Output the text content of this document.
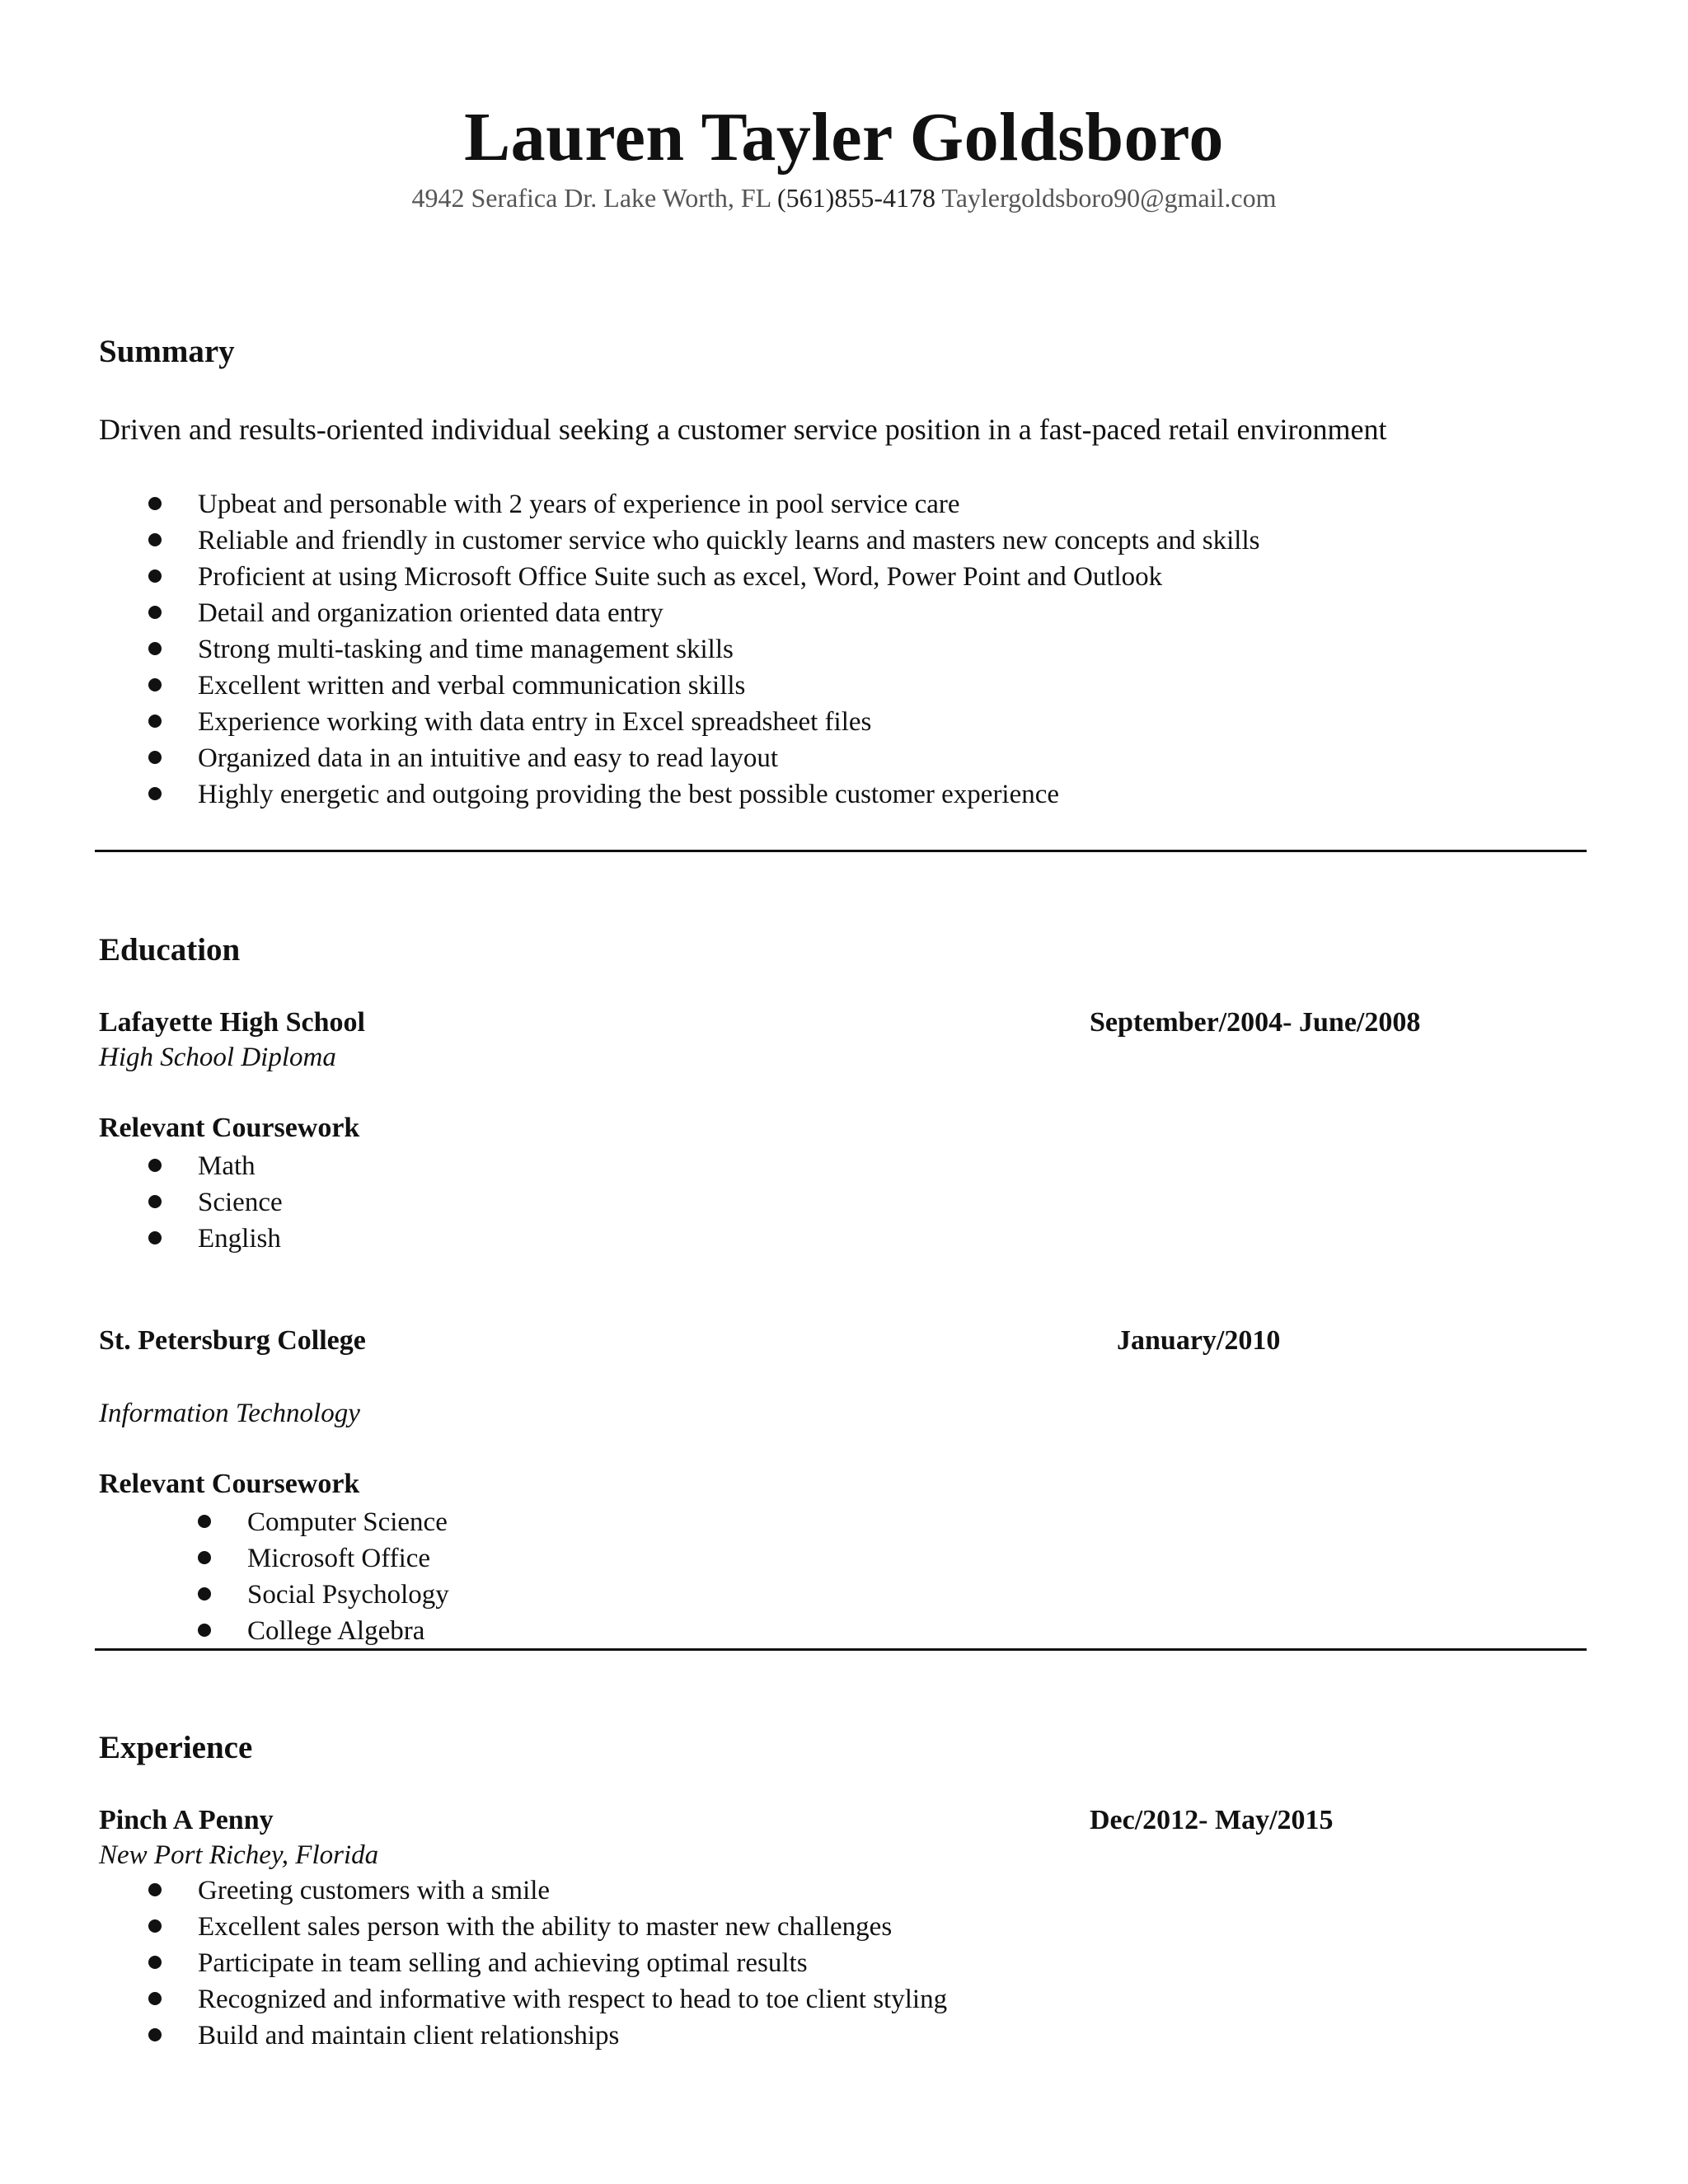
Lauren Tayler Goldsboro
4942 Serafica Dr. Lake Worth, FL (561)855-4178 Taylergoldsboro90@gmail.com
Summary
Driven and results-oriented individual seeking a customer service position in a fast-paced retail environment
Upbeat and personable with 2 years of experience in pool service care
Reliable and friendly in customer service who quickly learns and masters new concepts and skills
Proficient at using Microsoft Office Suite such as excel, Word, Power Point and Outlook
Detail and organization oriented data entry
Strong multi-tasking and time management skills
Excellent written and verbal communication skills
Experience working with data entry in Excel spreadsheet files
Organized data in an intuitive and easy to read layout
Highly energetic and outgoing providing the best possible customer experience
Education
Lafayette High School	September/2004- June/2008
High School Diploma
Relevant Coursework
Math
Science
English
St. Petersburg College	January/2010
Information Technology
Relevant Coursework
Computer Science
Microsoft Office
Social Psychology
College Algebra
Experience
Pinch A Penny	Dec/2012- May/2015
New Port Richey, Florida
Greeting customers with a smile
Excellent sales person with the ability to master new challenges
Participate in team selling and achieving optimal results
Recognized and informative with respect to head to toe client styling
Build and maintain client relationships
